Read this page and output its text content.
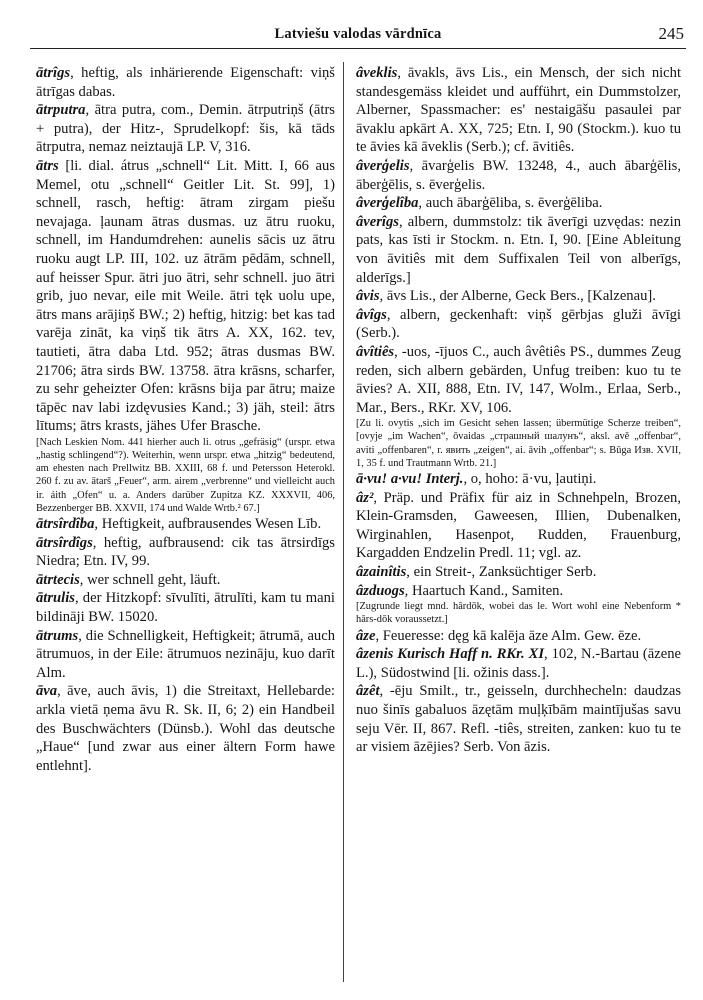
Latviešu valodas vārdnīca	245

ātrîgs, heftig, als inhärierende Eigenschaft: viņš ātrīgas dabas.

ātrputra, ātra putra, com., Demin. ātrputriņš (ātrs + putra), der Hitz-, Sprudelkopf: šis, kā tāds ātrputra, nemaz neiztaujā LP. V, 316.

ātrs [li. dial. átrus „schnell“ Lit. Mitt. I, 66 aus Memel, otu „schnell“ Geitler Lit. St. 99], 1) schnell, rasch, heftig: ātram zirgam piešu nevajaga. ļaunam ātras dusmas. uz ātru ruoku, schnell, im Handumdrehen: aunelis sācis uz ātru ruoku augt LP. III, 102. uz ātrām pēdām, schnell, auf heisser Spur. ātri juo ātri, sehr schnell. juo ātri grib, juo nevar, eile mit Weile. ātri tęk uolu upe, ātrs mans arājiņš BW.; 2) heftig, hitzig: bet kas tad varēja zināt, ka viņš tik ātrs A. XX, 162. tev, tautieti, ātra daba Ltd. 952; ātras dusmas BW. 21706; ātra sirds BW. 13758. ātra krāsns, scharfer, zu sehr geheizter Ofen: krāsns bija par ātru; maize tāpēc nav labi izdęvusies Kand.; 3) jäh, steil: ātrs lītums; ātrs krasts, jähes Ufer Brasche.

[Nach Leskien Nom. 441 hierher auch li. otrus „gefräsig“ (urspr. etwa „hastig schlingend“?). Weiterhin, wenn urspr. etwa „hitzig“ bedeutend, am ehesten nach Prellwitz BB. XXIII, 68 f. und Petersson Heterokl. 260 f. zu av. ātarš „Feuer“, arm. airem „verbrenne“ und vielleicht auch ir. áith „Ofen“ u. a. Anders darüber Zupitza KZ. XXXVII, 406, Bezzenberger BB. XXVII, 174 und Walde Wrtb.² 67.]

ātrsîrdîba, Heftigkeit, aufbrausendes Wesen Līb.

ātrsîrdîgs, heftig, aufbrausend: cik tas ātrsirdīgs Niedra; Etn. IV, 99.

ātrtecis, wer schnell geht, läuft.

ātrulis, der Hitzkopf: sīvulīti, ātrulīti, kam tu mani bildināji BW. 15020.

ātrums, die Schnelligkeit, Heftigkeit; ātrumā, auch ātrumuos, in der Eile: ātrumuos nezināju, kuo darīt Alm.

āva, āve, auch āvis, 1) die Streitaxt, Hellebarde: arklа vietā ņema āvu R. Sk. II, 6; 2) ein Handbeil des Buschwächters (Dünsb.). Wohl das deutsche „Haue“ [und zwar aus einer ältern Form hawe entlehnt].

âveklis, āvakls, āvs Lis., ein Mensch, der sich nicht standesgemäss kleidet und aufführt, ein Dummstolzer, Alberner, Spassmacher: es' nestaigāšu pasaulei par āvaklu apkārt A. XX, 725; Etn. I, 90 (Stockm.). kuo tu te āvies kā āveklis (Serb.); cf. āvitiês.

âverģelis, āvarģelis BW. 13248, 4., auch ābarģēlis, āberģēlis, s. ēverģelis.

âverģelîba, auch ābarģēliba, s. ēverģēliba.

âverîgs, albern, dummstolz: tik āverīgi uzvędas: nezin pats, kas īsti ir Stockm. n. Etn. I, 90. [Eine Ableitung von āvitiês mit dem Suffixalen Teil von alberīgs, alderīgs.]

âvis, āvs Lis., der Alberne, Geck Bers., [Kalzenau].

âvîgs, albern, geckenhaft: viņš gērbjas gluži āvīgi (Serb.).

âvîtiês, -uos, -ījuos C., auch âvêtiês PS., dummes Zeug reden, sich albern gebärden, Unfug treiben: kuo tu te āvies? A. XII, 888, Etn. IV, 147, Wolm., Erlaa, Serb., Mar., Bers., RKr. XV, 106.

[Zu li. ovytis „sich im Gesicht sehen lassen; übermütige Scherze treiben“, [ovyje „im Wachen“, ōvaidas „страшный шалунъ“, aksl. avě „offenbar“, aviti „offenbaren“, r. явить „zeigen“, ai. āvih „offenbar“; s. Būga Изв. XVII, 1, 35 f. und Trautmann Wrtb. 21.]

ā·vu! a·vu! Interj., o, hoho: ā·vu, ļautiņi.

âz², Präp. und Präfix für aiz in Schnehpeln, Brozen, Klein-Gramsden, Gaweesen, Illien, Dubenalken, Wirginahlen, Hasenpot, Rudden, Frauenburg, Kargadden Endzelin Predl. 11; vgl. az.

âzainîtis, ein Streit-, Zanksüchtiger Serb.

âzduogs, Haartuch Kand., Samiten.

[Zugrunde liegt mnd. hārdōk, wobei das le. Wort wohl eine Nebenform * hārs-dōk voraussetzt.]

âze, Feueresse: dęg kā kalēja āze Alm. Gew. ēze.

âzenis Kurisch Haff n. RKr. XI, 102, N.-Bartau (āzene L.), Südostwind [li. ožinis dass.].

âzêt, -ēju Smilt., tr., geisseln, durchhecheln: daudzas nuo šinīs gabaluos āzętām muļķībām maintījušas savu seju Vēr. II, 867. Refl. -tiês, streiten, zanken: kuo tu te ar visiem āzējies? Serb. Von āzis.
